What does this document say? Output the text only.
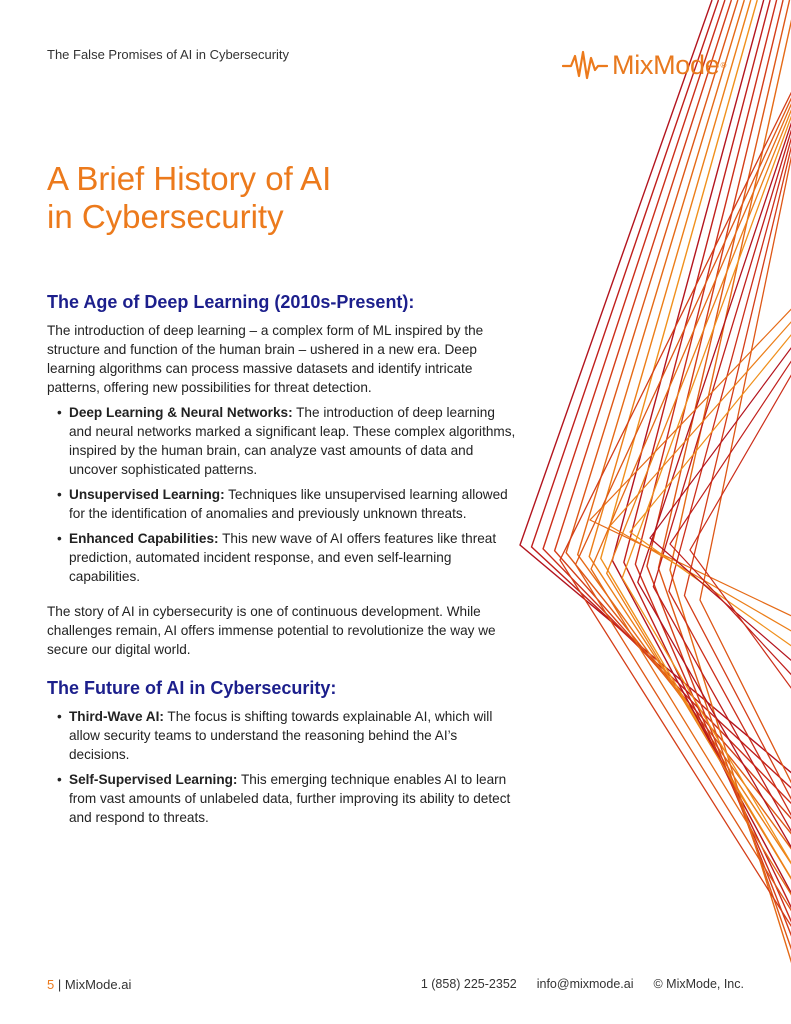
The False Promises of AI in Cybersecurity	MixMode ®
A Brief History of AI
in Cybersecurity
The Age of Deep Learning (2010s-Present):

The introduction of deep learning – a complex form of ML inspired by the structure and function of the human brain – ushered in a new era. Deep learning algorithms can process massive datasets and identify intricate patterns, offering new possibilities for threat detection.

• Deep Learning & Neural Networks: The introduction of deep learning and neural networks marked a significant leap. These complex algorithms, inspired by the human brain, can analyze vast amounts of data and uncover sophisticated patterns.
• Unsupervised Learning: Techniques like unsupervised learning allowed for the identification of anomalies and previously unknown threats.
• Enhanced Capabilities: This new wave of AI offers features like threat prediction, automated incident response, and even self-learning capabilities.

The story of AI in cybersecurity is one of continuous development. While challenges remain, AI offers immense potential to revolutionize the way we secure our digital world.

The Future of AI in Cybersecurity:
• Third-Wave AI: The focus is shifting towards explainable AI, which will allow security teams to understand the reasoning behind the AI’s decisions.
• Self-Supervised Learning: This emerging technique enables AI to learn from vast amounts of unlabeled data, further improving its ability to detect and respond to threats.
5 | MixMode.ai	1 (858) 225-2352 info@mixmode.ai © MixMode, Inc.
